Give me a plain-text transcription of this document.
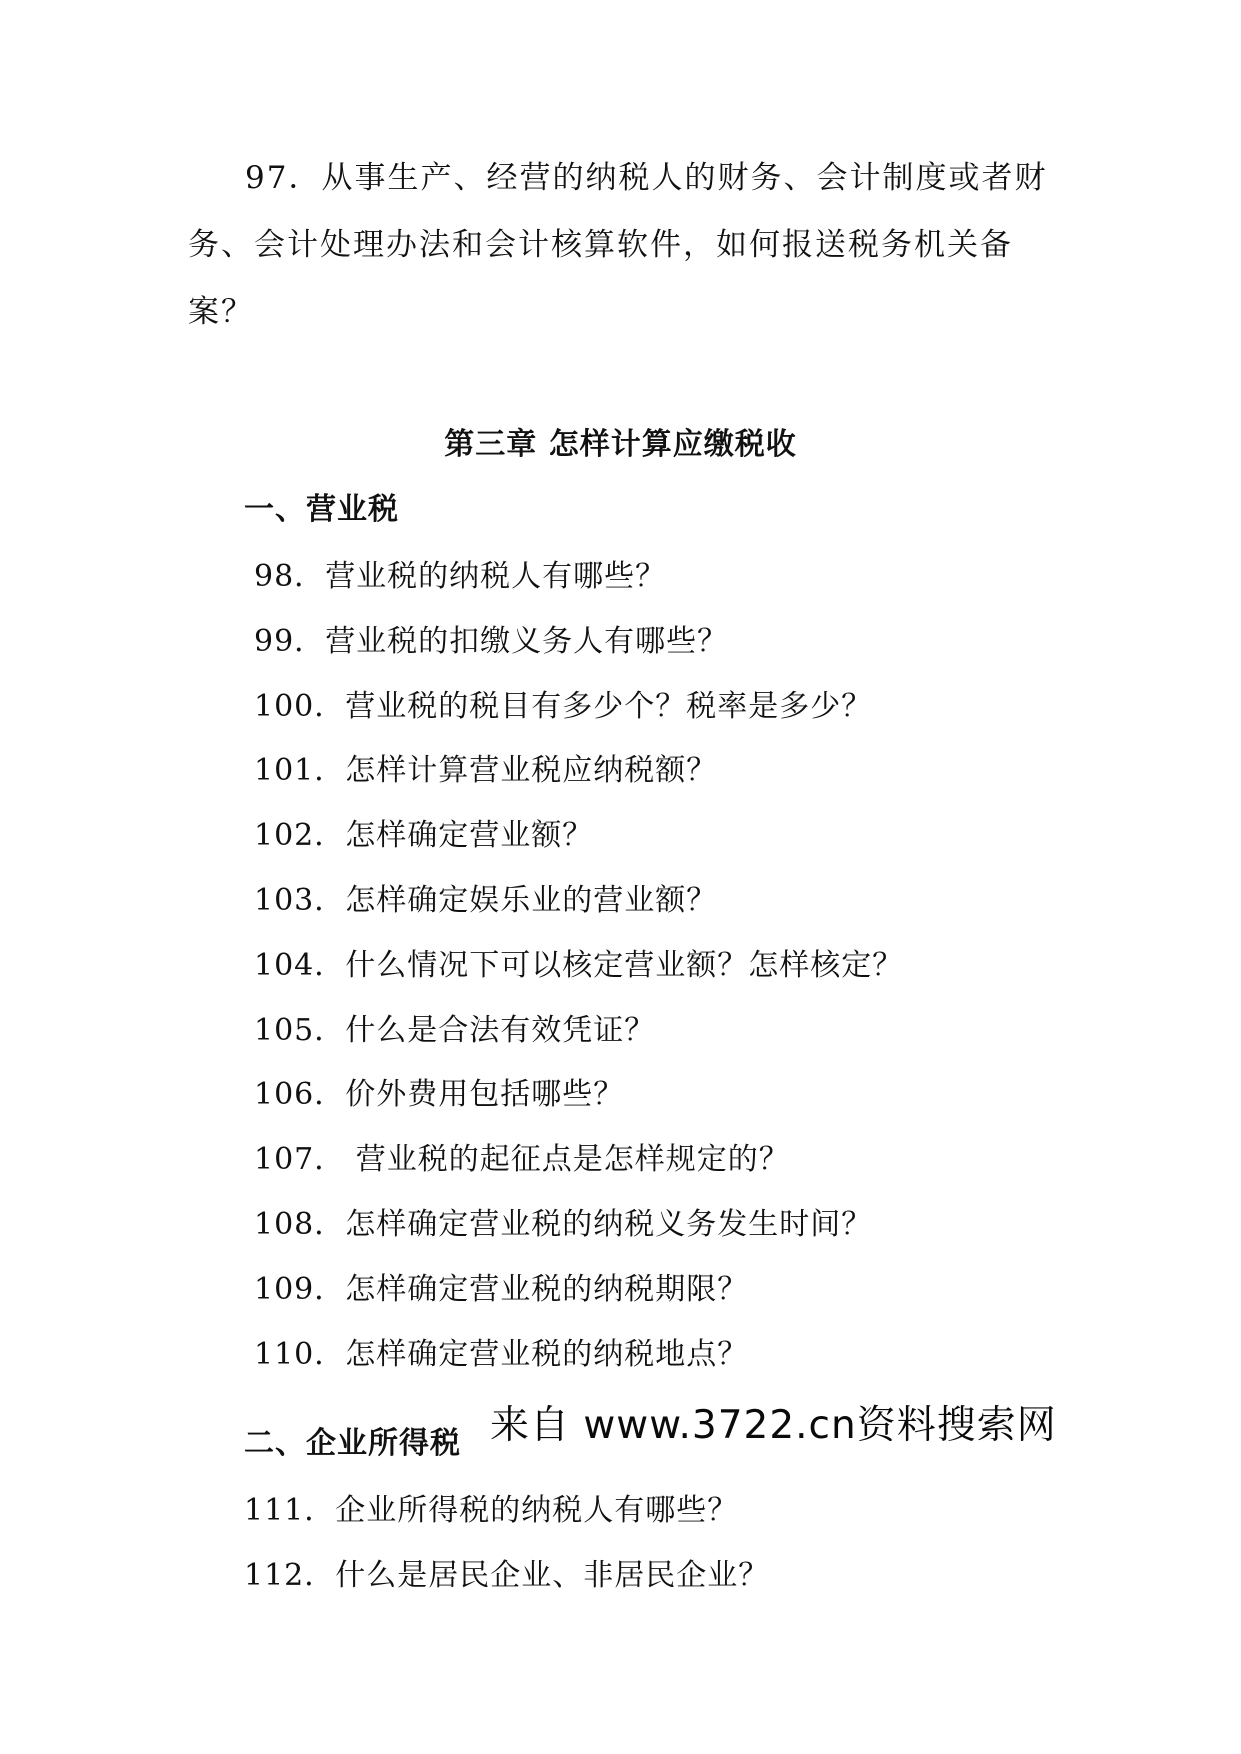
97．从事生产、经营的纳税人的财务、会计制度或者财
务、会计处理办法和会计核算软件，如何报送税务机关备
案？
第三章 怎样计算应缴税收
一、营业税
98．营业税的纳税人有哪些？
99．营业税的扣缴义务人有哪些？
100．营业税的税目有多少个？税率是多少？
101．怎样计算营业税应纳税额？
102．怎样确定营业额？
103．怎样确定娱乐业的营业额？
104．什么情况下可以核定营业额？怎样核定？
105．什么是合法有效凭证？
106．价外费用包括哪些？
107． 营业税的起征点是怎样规定的？
108．怎样确定营业税的纳税义务发生时间？
109．怎样确定营业税的纳税期限？
110．怎样确定营业税的纳税地点？
二、企业所得税 来自 www.3722.cn资料搜索网
111．企业所得税的纳税人有哪些？
112．什么是居民企业、非居民企业？
